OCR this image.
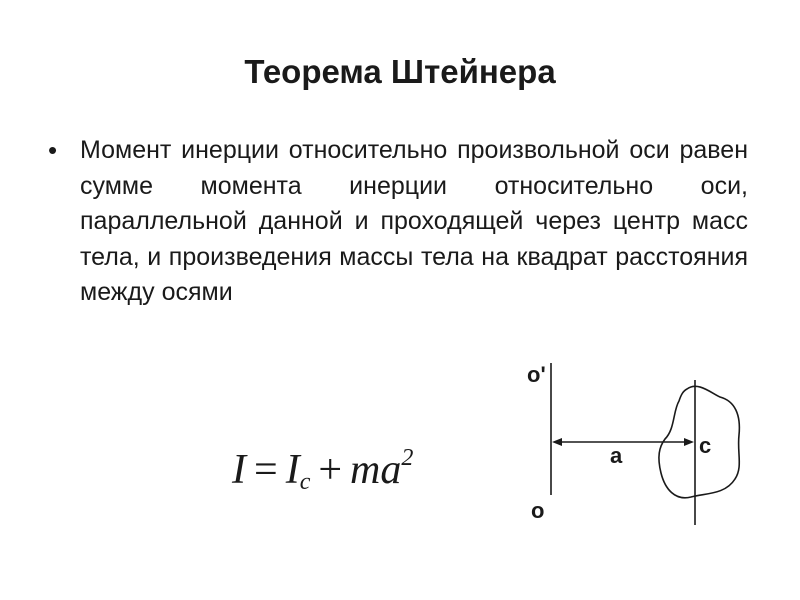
Теорема Штейнера
• Момент инерции относительно произвольной оси равен сумме момента инерции относительно оси, параллельной данной и проходящей через центр масс тела, и произведения массы тела на квадрат расстояния между осями

$I = I_c + ma^2$
o'
o
a	c
